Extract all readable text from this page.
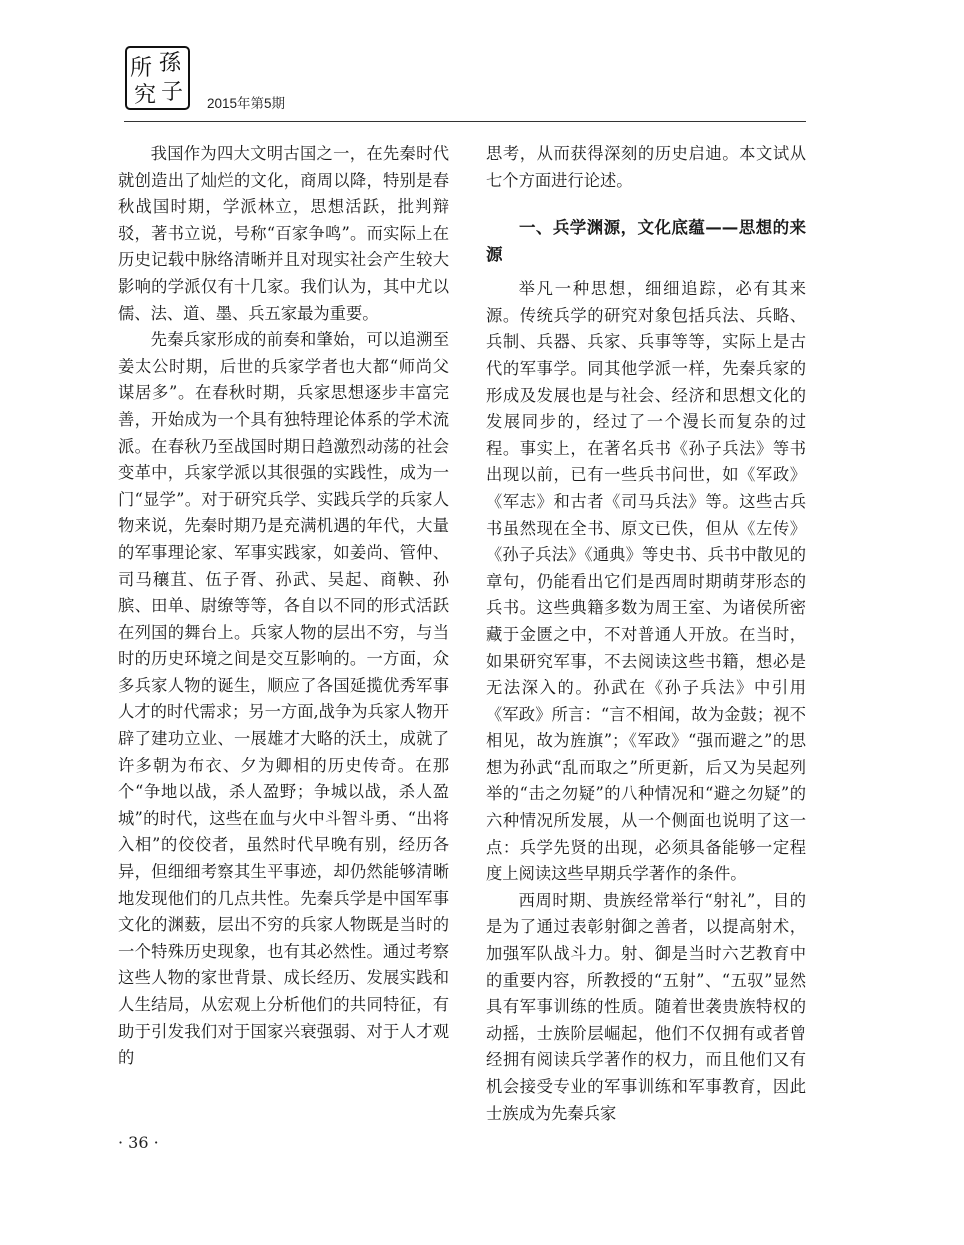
所 孫
究 子 2015年第5期

我国作为四大文明古国之一，在先秦时代就创造出了灿烂的文化，商周以降，特别是春秋战国时期，学派林立，思想活跃，批判辩驳，著书立说，号称“百家争鸣”。而实际上在历史记载中脉络清晰并且对现实社会产生较大影响的学派仅有十几家。我们认为，其中尤以儒、法、道、墨、兵五家最为重要。

先秦兵家形成的前奏和肇始，可以追溯至姜太公时期，后世的兵家学者也大都“师尚父谋居多”。在春秋时期，兵家思想逐步丰富完善，开始成为一个具有独特理论体系的学术流派。在春秋乃至战国时期日趋激烈动荡的社会变革中，兵家学派以其很强的实践性，成为一门“显学”。对于研究兵学、实践兵学的兵家人物来说，先秦时期乃是充满机遇的年代，大量的军事理论家、军事实践家，如姜尚、管仲、司马穰苴、伍子胥、孙武、吴起、商鞅、孙膑、田单、尉缭等等，各自以不同的形式活跃在列国的舞台上。兵家人物的层出不穷，与当时的历史环境之间是交互影响的。一方面，众多兵家人物的诞生，顺应了各国延揽优秀军事人才的时代需求；另一方面,战争为兵家人物开辟了建功立业、一展雄才大略的沃土，成就了许多朝为布衣、夕为卿相的历史传奇。在那个“争地以战，杀人盈野；争城以战，杀人盈城”的时代，这些在血与火中斗智斗勇、“出将入相”的佼佼者，虽然时代早晚有别，经历各异，但细细考察其生平事迹，却仍然能够清晰地发现他们的几点共性。先秦兵学是中国军事文化的渊薮，层出不穷的兵家人物既是当时的一个特殊历史现象，也有其必然性。通过考察这些人物的家世背景、成长经历、发展实践和人生结局，从宏观上分析他们的共同特征，有助于引发我们对于国家兴衰强弱、对于人才观的

思考，从而获得深刻的历史启迪。本文试从七个方面进行论述。

一、兵学渊源，文化底蕴——思想的来源

举凡一种思想，细细追踪，必有其来源。传统兵学的研究对象包括兵法、兵略、兵制、兵器、兵家、兵事等等，实际上是古代的军事学。同其他学派一样，先秦兵家的形成及发展也是与社会、经济和思想文化的发展同步的，经过了一个漫长而复杂的过程。事实上，在著名兵书《孙子兵法》等书出现以前，已有一些兵书问世，如《军政》《军志》和古者《司马兵法》等。这些古兵书虽然现在全书、原文已佚，但从《左传》《孙子兵法》《通典》等史书、兵书中散见的章句，仍能看出它们是西周时期萌芽形态的兵书。这些典籍多数为周王室、为诸侯所密藏于金匮之中，不对普通人开放。在当时，如果研究军事，不去阅读这些书籍，想必是无法深入的。孙武在《孙子兵法》中引用《军政》所言：“言不相闻，故为金鼓；视不相见，故为旌旗”；《军政》“强而避之”的思想为孙武“乱而取之”所更新，后又为吴起列举的“击之勿疑”的八种情况和“避之勿疑”的六种情况所发展，从一个侧面也说明了这一点：兵学先贤的出现，必须具备能够一定程度上阅读这些早期兵学著作的条件。

西周时期、贵族经常举行“射礼”，目的是为了通过表彰射御之善者，以提高射术，加强军队战斗力。射、御是当时六艺教育中的重要内容，所教授的“五射”、“五驭”显然具有军事训练的性质。随着世袭贵族特权的动摇，士族阶层崛起，他们不仅拥有或者曾经拥有阅读兵学著作的权力，而且他们又有机会接受专业的军事训练和军事教育，因此士族成为先秦兵家

· 36 ·
